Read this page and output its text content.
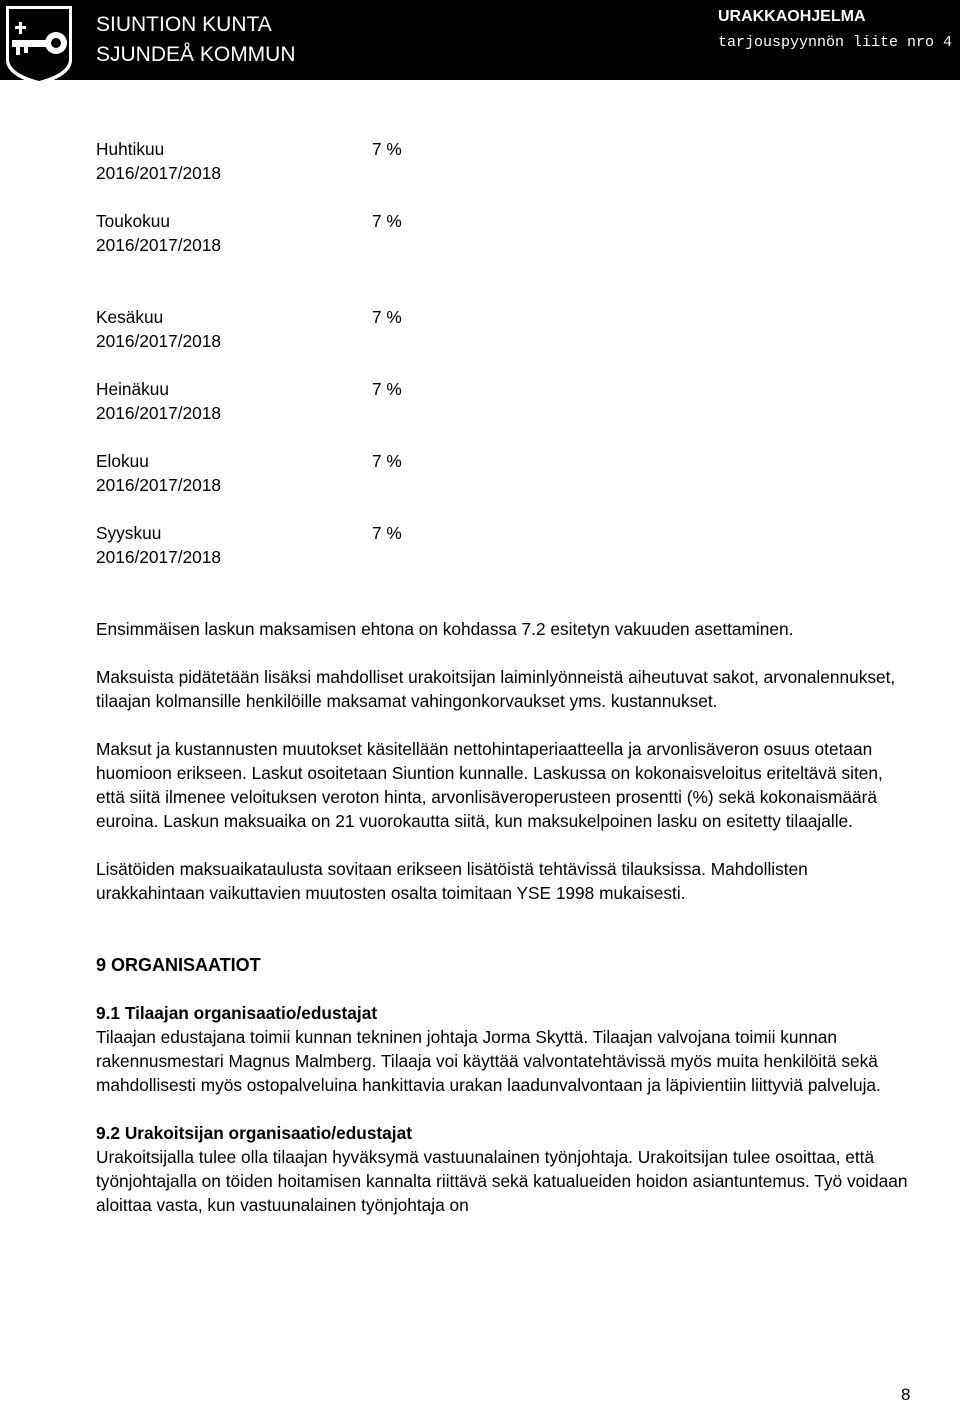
SIUNTION KUNTA
SJUNDEÅ KOMMUN
URAKKAOHJELMA
tarjouspyynnön liite nro 4
Huhtikuu	7 %
2016/2017/2018
Toukokuu	7 %
2016/2017/2018
Kesäkuu	7 %
2016/2017/2018
Heinäkuu	7 %
2016/2017/2018
Elokuu	7 %
2016/2017/2018
Syyskuu	7 %
2016/2017/2018

Ensimmäisen laskun maksamisen ehtona on kohdassa 7.2 esitetyn vakuuden asettaminen.

Maksuista pidätetään lisäksi mahdolliset urakoitsijan laiminlyönneistä aiheutuvat sakot, arvonalennukset, tilaajan kolmansille henkilöille maksamat vahingonkorvaukset yms. kustannukset.

Maksut ja kustannusten muutokset käsitellään nettohintaperiaatteella ja arvonlisäveron osuus otetaan huomioon erikseen. Laskut osoitetaan Siuntion kunnalle. Laskussa on kokonaisveloitus eriteltävä siten, että siitä ilmenee veloituksen veroton hinta, arvonlisäveroperusteen prosentti (%) sekä kokonaismäärä euroina. Laskun maksuaika on 21 vuorokautta siitä, kun maksukelpoinen lasku on esitetty tilaajalle.

Lisätöiden maksuaikataulusta sovitaan erikseen lisätöistä tehtävissä tilauksissa. Mahdollisten urakkahintaan vaikuttavien muutosten osalta toimitaan YSE 1998 mukaisesti.

9 ORGANISAATIOT
9.1 Tilaajan organisaatio/edustajat

Tilaajan edustajana toimii kunnan tekninen johtaja Jorma Skyttä. Tilaajan valvojana toimii kunnan rakennusmestari Magnus Malmberg. Tilaaja voi käyttää valvontatehtävissä myös muita henkilöitä sekä mahdollisesti myös ostopalveluina hankittavia urakan laadunvalvontaan ja läpivientiin liittyviä palveluja.

9.2 Urakoitsijan organisaatio/edustajat

Urakoitsijalla tulee olla tilaajan hyväksymä vastuunalainen työnjohtaja. Urakoitsijan tulee osoittaa, että työnjohtajalla on töiden hoitamisen kannalta riittävä sekä katualueiden hoidon asiantuntemus. Työ voidaan aloittaa vasta, kun vastuunalainen työnjohtaja on

8
